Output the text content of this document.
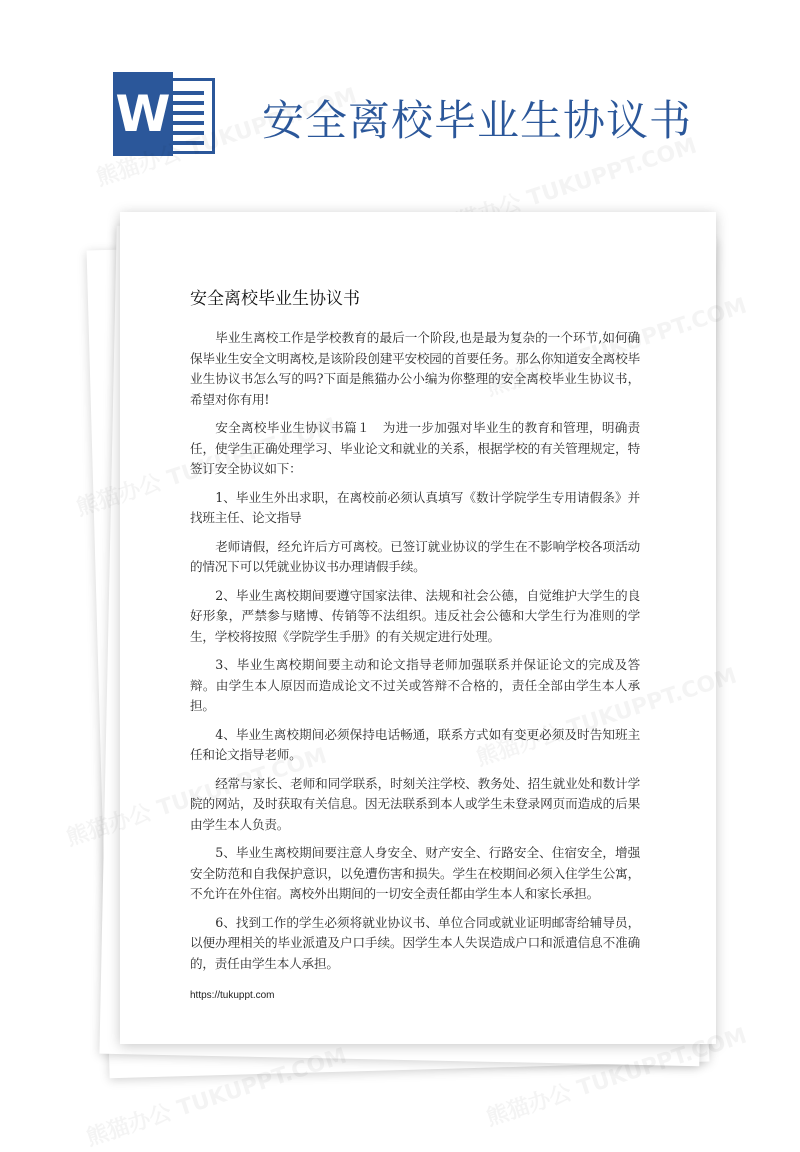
W 安全离校毕业生协议书
安全离校毕业生协议书

毕业生离校工作是学校教育的最后一个阶段,也是最为复杂的一个环节,如何确保毕业生安全文明离校,是该阶段创建平安校园的首要任务。那么你知道安全离校毕业生协议书怎么写的吗?下面是熊猫办公小编为你整理的安全离校毕业生协议书，希望对你有用!

安全离校毕业生协议书篇１　为进一步加强对毕业生的教育和管理，明确责任，使学生正确处理学习、毕业论文和就业的关系，根据学校的有关管理规定，特签订安全协议如下：

1、毕业生外出求职，在离校前必须认真填写《数计学院学生专用请假条》并找班主任、论文指导

老师请假，经允许后方可离校。已签订就业协议的学生在不影响学校各项活动的情况下可以凭就业协议书办理请假手续。

2、毕业生离校期间要遵守国家法律、法规和社会公德，自觉维护大学生的良好形象，严禁参与赌博、传销等不法组织。违反社会公德和大学生行为准则的学生，学校将按照《学院学生手册》的有关规定进行处理。

3、毕业生离校期间要主动和论文指导老师加强联系并保证论文的完成及答辩。由学生本人原因而造成论文不过关或答辩不合格的，责任全部由学生本人承担。

4、毕业生离校期间必须保持电话畅通，联系方式如有变更必须及时告知班主任和论文指导老师。

经常与家长、老师和同学联系，时刻关注学校、教务处、招生就业处和数计学院的网站，及时获取有关信息。因无法联系到本人或学生未登录网页而造成的后果由学生本人负责。

5、毕业生离校期间要注意人身安全、财产安全、行路安全、住宿安全，增强安全防范和自我保护意识，以免遭伤害和损失。学生在校期间必须入住学生公寓，不允许在外住宿。离校外出期间的一切安全责任都由学生本人和家长承担。

6、找到工作的学生必须将就业协议书、单位合同或就业证明邮寄给辅导员，以便办理相关的毕业派遣及户口手续。因学生本人失误造成户口和派遣信息不准确的，责任由学生本人承担。

https://tukuppt.com
